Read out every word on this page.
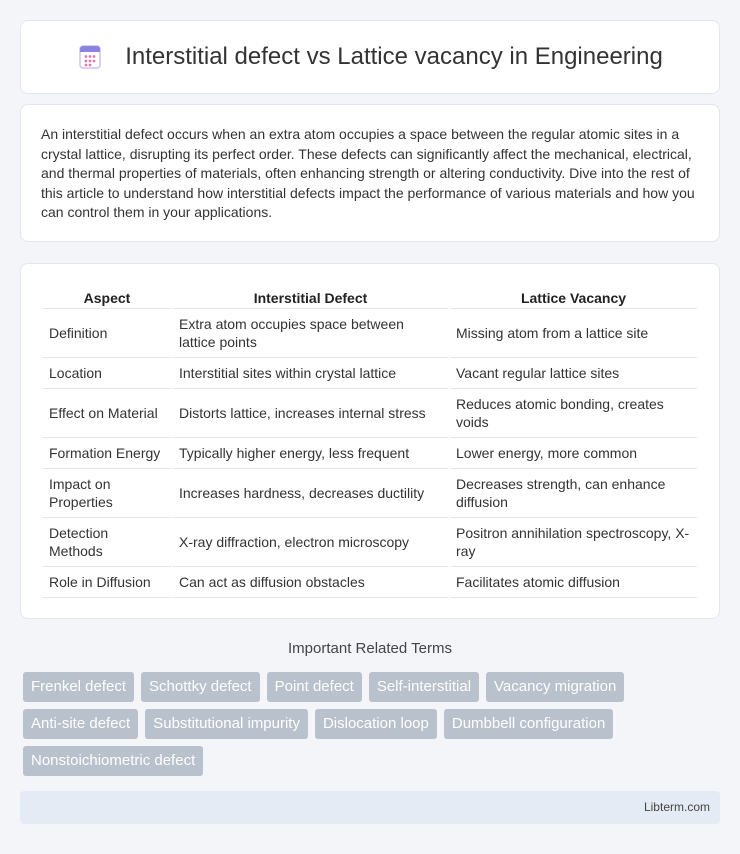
Interstitial defect vs Lattice vacancy in Engineering

An interstitial defect occurs when an extra atom occupies a space between the regular atomic sites in a crystal lattice, disrupting its perfect order. These defects can significantly affect the mechanical, electrical, and thermal properties of materials, often enhancing strength or altering conductivity. Dive into the rest of this article to understand how interstitial defects impact the performance of various materials and how you can control them in your applications.

Aspect	Interstitial Defect	Lattice Vacancy
Definition	Extra atom occupies space between lattice points	Missing atom from a lattice site
Location	Interstitial sites within crystal lattice	Vacant regular lattice sites
Effect on Material	Distorts lattice, increases internal stress	Reduces atomic bonding, creates voids
Formation Energy	Typically higher energy, less frequent	Lower energy, more common
Impact on Properties	Increases hardness, decreases ductility	Decreases strength, can enhance diffusion
Detection Methods	X-ray diffraction, electron microscopy	Positron annihilation spectroscopy, X-ray
Role in Diffusion	Can act as diffusion obstacles	Facilitates atomic diffusion
Important Related Terms
Frenkel defect	Schottky defect	Point defect	Self-interstitial	Vacancy migration
Anti-site defect	Substitutional impurity	Dislocation loop	Dumbbell configuration
Nonstoichiometric defect
Libterm.com
